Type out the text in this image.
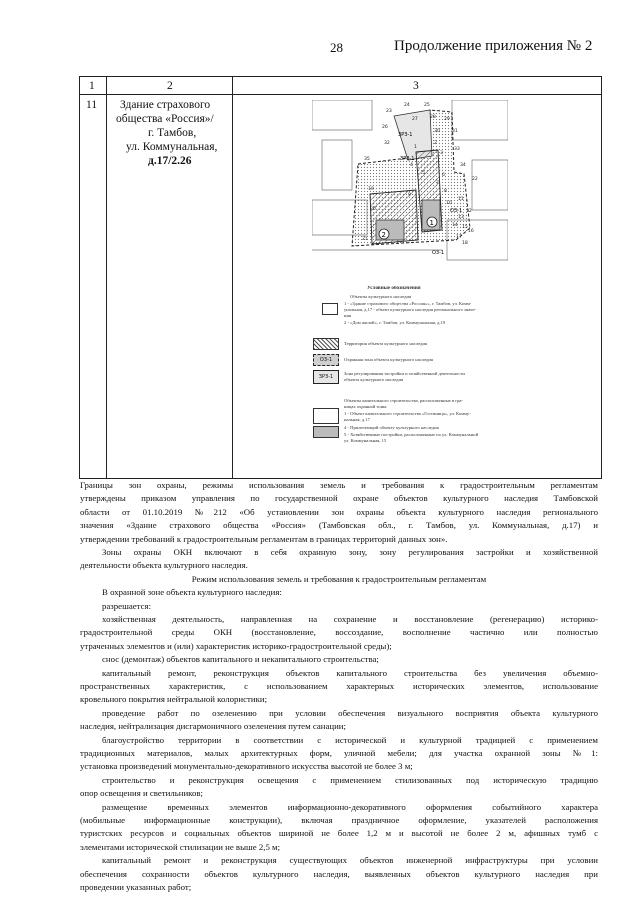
28	Продолжение приложения № 2
1	2	3
11 Здание страхового
общества «Россия»/
г. Тамбов,
ул. Коммунальная,
д.17/2.26
1
2
ЗРЗ-1
ЗРЗ-1
ОЗ-1
ОЗ-1
23
24	25
26
27	28 29
30	31
32
33
34
35
1
2
3
4
5	6
7
8
9
10
11
12
13
14 15
16
17
18
19
20
21
22
Условные обозначения
Объекты культурного наследия
1 - «Здание страхового общества «Россия»», г. Тамбов, ул. Комм-
унальная, д.17 - объект культурного наследия регионального значе-
ния
2 - «Дом жилой», г. Тамбов, ул. Коммунальная, д.19
Территория объекта культурного наследия
ОЗ-1	Охранная зона объекта культурного наследия
ЗРЗ-1
Зона регулирования застройки и хозяйственной деятельности
объекта культурного наследия
Объекты капитального строительства, расположенные в гра-
ницах охранной зоны:
1 - Объект капитального строительства «Гостиница», ул. Комму-
нальная, д.17
4 - Прилегающий объекту культурного наследия
5 - Хозяйственные постройки, расположенные по ул. Коммунальной
ул. Коммунальная, 15
Границы зон охраны, режимы использования земель и требования к градостроительным регламентам
утверждены приказом управления по государственной охране объектов культурного наследия Тамбовской
области от 01.10.2019 №212 «Об установлении зон охраны объекта культурного наследия регионального
значения «Здание страхового общества «Россия» (Тамбовская обл., г. Тамбов, ул. Коммунальная, д.17) и
утверждении требований к градостроительным регламентам в границах территорий данных зон».
Зоны охраны ОКН включают в себя охранную зону, зону регулирования застройки и хозяйственной
деятельности объекта культурного наследия.
Режим использования земель и требования к градостроительным регламентам
В охранной зоне объекта культурного наследия:
разрешается:
хозяйственная деятельность, направленная на сохранение и восстановление (регенерацию) историко-
градостроительной среды ОКН (восстановление, воссоздание, восполнение частично или полностью
утраченных элементов и (или) характеристик историко-градостроительной среды);
снос (демонтаж) объектов капитального и некапитального строительства;
капитальный ремонт, реконструкция объектов капитального строительства без увеличения объемно-
пространственных характеристик, с использованием характерных исторических элементов, использование
кровельного покрытия нейтральной колористики;
проведение работ по озеленению при условии обеспечения визуального восприятия объекта культурного
наследия, нейтрализация дисгармоничного озеленения путем санации;
благоустройство территории в соответствии с исторической и культурной традицией с применением
традиционных материалов, малых архитектурных форм, уличной мебели; для участка охранной зоны №1:
установка произведений монументально-декоративного искусства высотой не более 3 м;
строительство и реконструкция освещения с применением стилизованных под историческую традицию
опор освещения и светильников;
размещение временных элементов информационно-декоративного оформления событийного характера
(мобильные информационные конструкции), включая праздничное оформление, указателей расположения
туристских ресурсов и социальных объектов шириной не более 1,2 м и высотой не более 2 м, афишных тумб с
элементами исторической стилизации не выше 2,5 м;
капитальный ремонт и реконструкция существующих объектов инженерной инфраструктуры при условии
обеспечения сохранности объектов культурного наследия, выявленных объектов культурного наследия при
проведении указанных работ;
